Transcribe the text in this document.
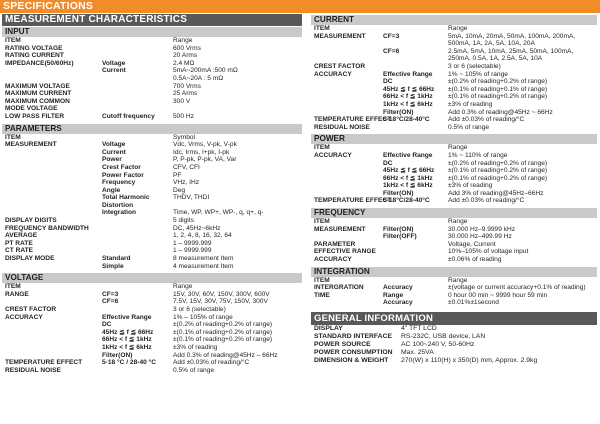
SPECIFICATIONS
MEASUREMENT CHARACTERISTICS
INPUT
ITEM	Range
RATING VOLTAGE	600 Vrms
RATING CURRENT	20 Arms
IMPEDANCE(50/60Hz)	Voltage	2.4 MΩ
Current	5mA~200mA :500 mΩ
0.5A~20A : 5 mΩ
MAXIMUM VOLTAGE	700 Vrms
MAXIMUM CURRENT	25 Arms
MAXIMUM COMMON	300 V
MODE VOLTAGE
LOW PASS FILTER	Cutoff frequency	500 Hz
PARAMETERS
ITEM	Symbol
MEASUREMENT	Voltage	Vdc, Vrms, V-pk, V-pk
Current	Idc, Irms, I+pk, I-pk
Power	P, P-pk, P-pk, VA, Var
Crest Factor	CFV, CFI
Power Factor	PF
Frequency	VHz, IHz
Angle	Deg
Total Harmonic	THDV, THDI
Distortion
Integration	Time, WP, WP+, WP-, q, q+, q-
DISPLAY DIGITS	5 digits
FREQUENCY BANDWIDTH	DC, 45Hz~6kHz
AVERAGE	1, 2, 4, 8, 16, 32, 64
PT RATE	1 – 9999.999
CT RATE	1 – 9999.999
DISPLAY MODE	Standard	8 measurement Item
Simple	4 measurement Item
VOLTAGE
ITEM	Range
RANGE	CF=3	15V, 30V, 60V, 150V, 300V, 600V
CF=6	7.5V, 15V, 30V, 75V, 150V, 300V
CREST FACTOR	3 or 6 (selectable)
ACCURACY	Effective Range	1% – 105% of range
DC	±(0.2% of reading+0.2% of range)
45Hz ≦ f ≦ 66Hz	±(0.1% of reading+0.2% of range)
66Hz < f ≦ 1kHz	±(0.1% of reading+0.2% of range)
1kHz < f ≦ 6kHz	±3% of reading
Filter(ON)	Add 0.3% of reading@45Hz – 66Hz
TEMPERATURE EFFECT	5-18 °C / 28-40 °C	Add ±0.03% of reading/°C
RESIDUAL NOISE	0.5% of range
CURRENT
ITEM	Range
MEASUREMENT	CF=3	5mA, 10mA, 20mA, 50mA, 100mA, 200mA,
500mA, 1A, 2A, 5A, 10A, 20A
CF=6	2.5mA, 5mA, 10mA, 25mA, 50mA, 100mA,
250mA, 0.5A, 1A, 2.5A, 5A, 10A
CREST FACTOR	3 or 6 (selectable)
ACCURACY	Effective Range	1% ~ 105% of range
DC	±(0.2% of reading+0.2% of range)
45Hz ≦ f ≦ 66Hz	±(0.1% of reading+0.1% of range)
66Hz < f ≦ 1kHz	±(0.1% of reading+0.2% of range)
1kHz < f ≦ 6kHz	±3% of reading
Filter(ON)	Add 0.3% of reading@45Hz ~ 66Hz
TEMPERATURE EFFECT
5-18°C/28-40°C	Add ±0.03% of reading/°C
RESIDUAL NOISE	0.5% of range
POWER
ITEM	Range
ACCURACY	Effective Range	1% ~ 110% of range
DC	±(0.2% of reading+0.2% of range)
45Hz ≦ f ≦ 66Hz	±(0.1% of reading+0.2% of range)
66Hz < f ≦ 1kHz	±(0.1% of reading+0.2% of range)
1kHz < f ≦ 6kHz	±3% of reading
Filter(ON)	Add 3% of reading@45Hz–66Hz
TEMPERATURE EFFECT
5-18°C/28-40°C	Add ±0.03% of reading/°C
FREQUENCY
ITEM	Range
MEASUREMENT	Filter(ON)	30.000 Hz–9.9999 kHz
Filter(OFF)	30.000 Hz–499.99 Hz
PARAMETER	Voltage, Current
EFFECTIVE RANGE	10%–105% of voltage input
ACCURACY	±0.06% of reading
INTEGRATION
ITEM	Range
INTERGRATION	Accuracy	±(voltage or current accuracy+0.1% of reading)
TIME	Range	0 hour 00 min ~ 9999 hour 59 min
Accuracy	±0.01%±1second
GENERAL INFORMATION
DISPLAY	4" TFT LCD
STANDARD INTERFACE	RS-232C, USB device, LAN
POWER SOURCE	AC 100~240 V, 50-60Hz
POWER CONSUMPTION	Max. 25VA
DIMENSION & WEIGHT	270(W) x 110(H) x 350(D) mm, Approx. 2.9kg
